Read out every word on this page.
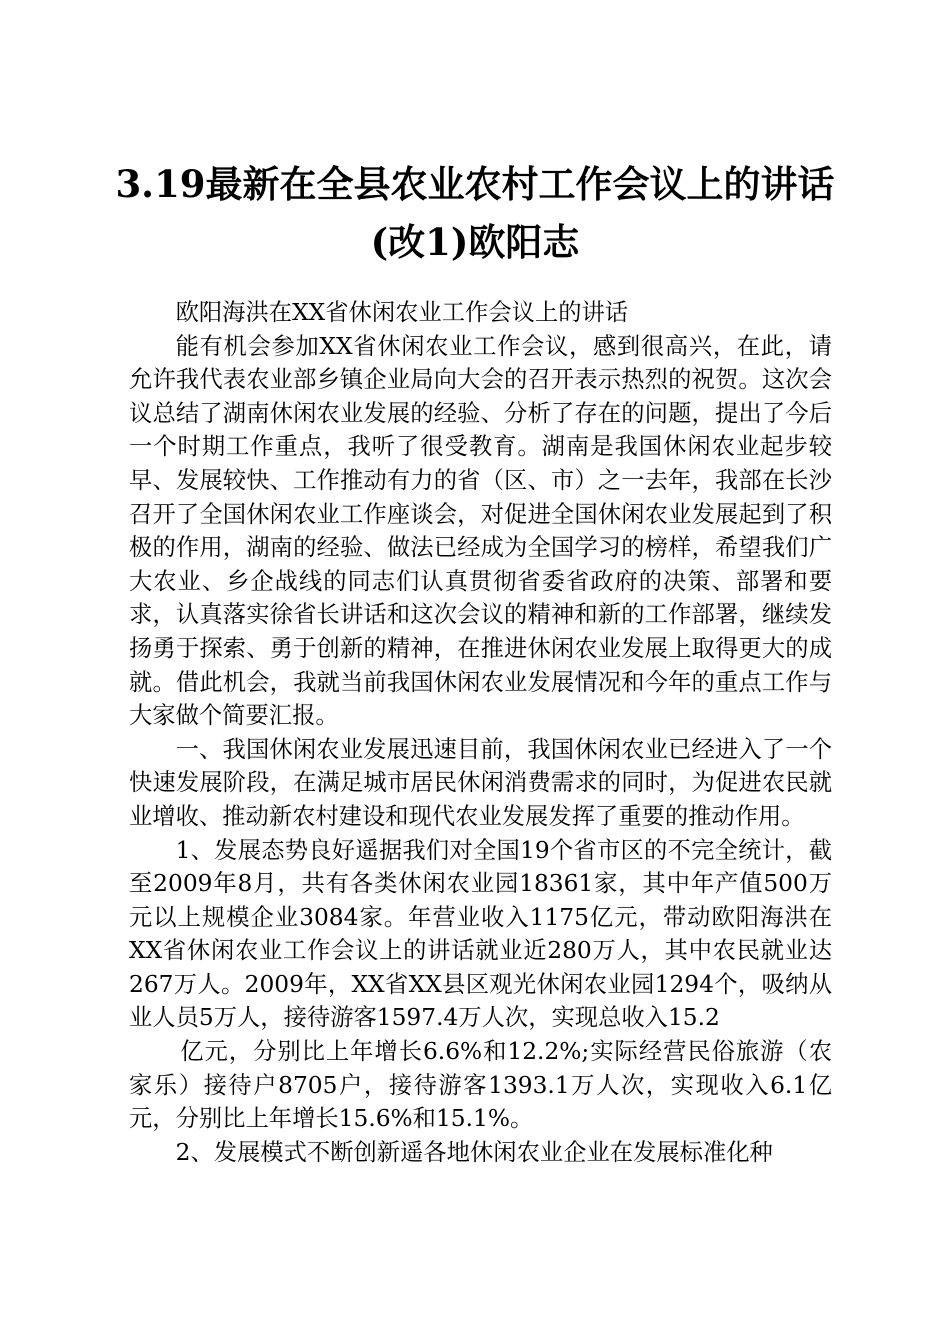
3.19最新在全县农业农村工作会议上的讲话
(改1)欧阳志

欧阳海洪在XX省休闲农业工作会议上的讲话

能有机会参加XX省休闲农业工作会议，感到很高兴，在此，请允许我代表农业部乡镇企业局向大会的召开表示热烈的祝贺。这次会议总结了湖南休闲农业发展的经验、分析了存在的问题，提出了今后一个时期工作重点，我听了很受教育。湖南是我国休闲农业起步较早、发展较快、工作推动有力的省（区、市）之一去年，我部在长沙召开了全国休闲农业工作座谈会，对促进全国休闲农业发展起到了积极的作用，湖南的经验、做法已经成为全国学习的榜样，希望我们广大农业、乡企战线的同志们认真贯彻省委省政府的决策、部署和要求，认真落实徐省长讲话和这次会议的精神和新的工作部署，继续发扬勇于探索、勇于创新的精神，在推进休闲农业发展上取得更大的成就。借此机会，我就当前我国休闲农业发展情况和今年的重点工作与大家做个简要汇报。

一、我国休闲农业发展迅速目前，我国休闲农业已经进入了一个快速发展阶段，在满足城市居民休闲消费需求的同时，为促进农民就业增收、推动新农村建设和现代农业发展发挥了重要的推动作用。

1、发展态势良好遥据我们对全国19个省市区的不完全统计，截至2009年8月，共有各类休闲农业园18361家，其中年产值500万元以上规模企业3084家。年营业收入1175亿元，带动欧阳海洪在XX省休闲农业工作会议上的讲话就业近280万人，其中农民就业达267万人。2009年，XX省XX县区观光休闲农业园1294个，吸纳从业人员5万人，接待游客1597.4万人次，实现总收入15.2

亿元，分别比上年增长6.6%和12.2%;实际经营民俗旅游（农家乐）接待户8705户，接待游客1393.1万人次，实现收入6.1亿元，分别比上年增长15.6%和15.1%。

2、发展模式不断创新遥各地休闲农业企业在发展标准化种
